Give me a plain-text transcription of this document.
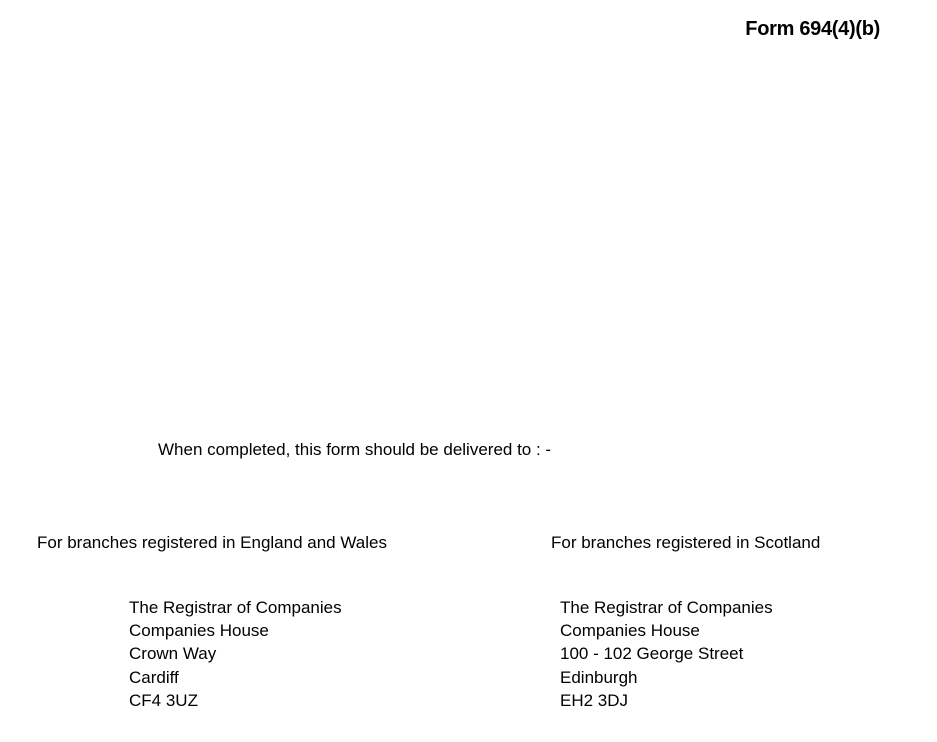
Form 694(4)(b)
When completed, this form should be delivered to : -
For branches registered in England and Wales	For branches registered in Scotland
The Registrar of Companies
Companies House
Crown Way
Cardiff
CF4 3UZ
The Registrar of Companies
Companies House
100 - 102 George Street
Edinburgh
EH2 3DJ
